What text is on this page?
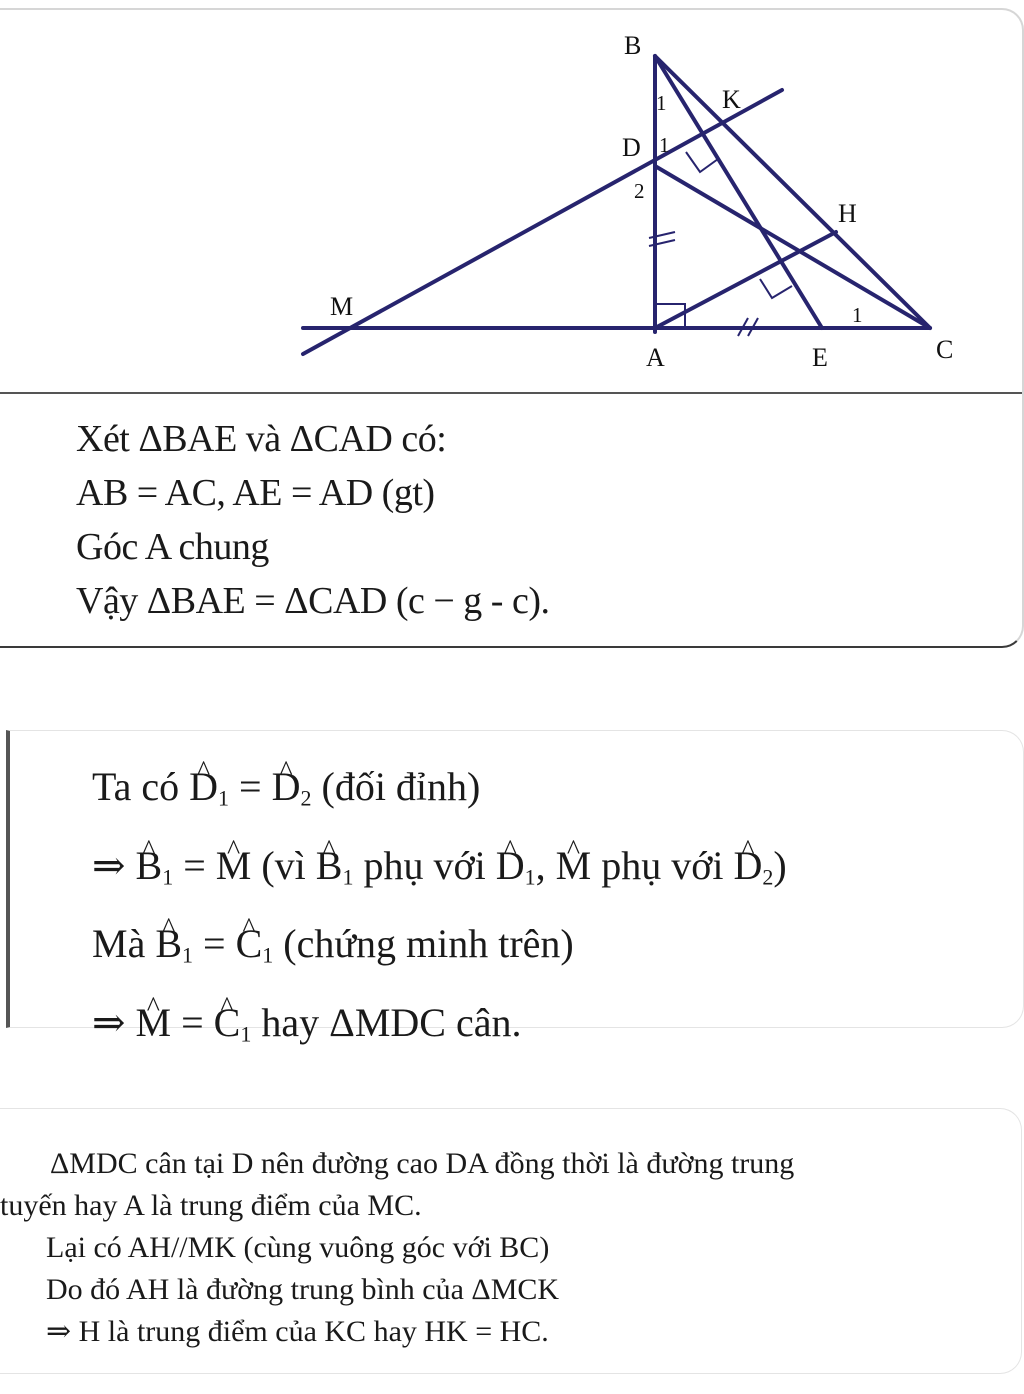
B
K
D
H
M
A	E	C
1
1
2
1
Xét ΔBAE và ΔCAD có:
AB = AC, AE = AD (gt)
Góc A chung
Vậy ΔBAE = ΔCAD (c − g - c).
Ta có ^ $D_1$ = ^ $D_2$ (đối đỉnh)
⇒ ^ $B_1$ = ^ M (vì ^ $B_1$ phụ với ^ $D_1$, ^ M phụ với ^ $D_2$)
Mà ^ $B_1$ = ^ $C_1$ (chứng minh trên)
⇒ ^ M = ^ $C_1$ hay ΔMDC cân.
ΔMDC cân tại D nên đường cao DA đồng thời là đường trung
tuyến hay A là trung điểm của MC.
Lại có AH//MK (cùng vuông góc với BC)
Do đó AH là đường trung bình của ΔMCK
⇒ H là trung điểm của KC hay HK = HC.
